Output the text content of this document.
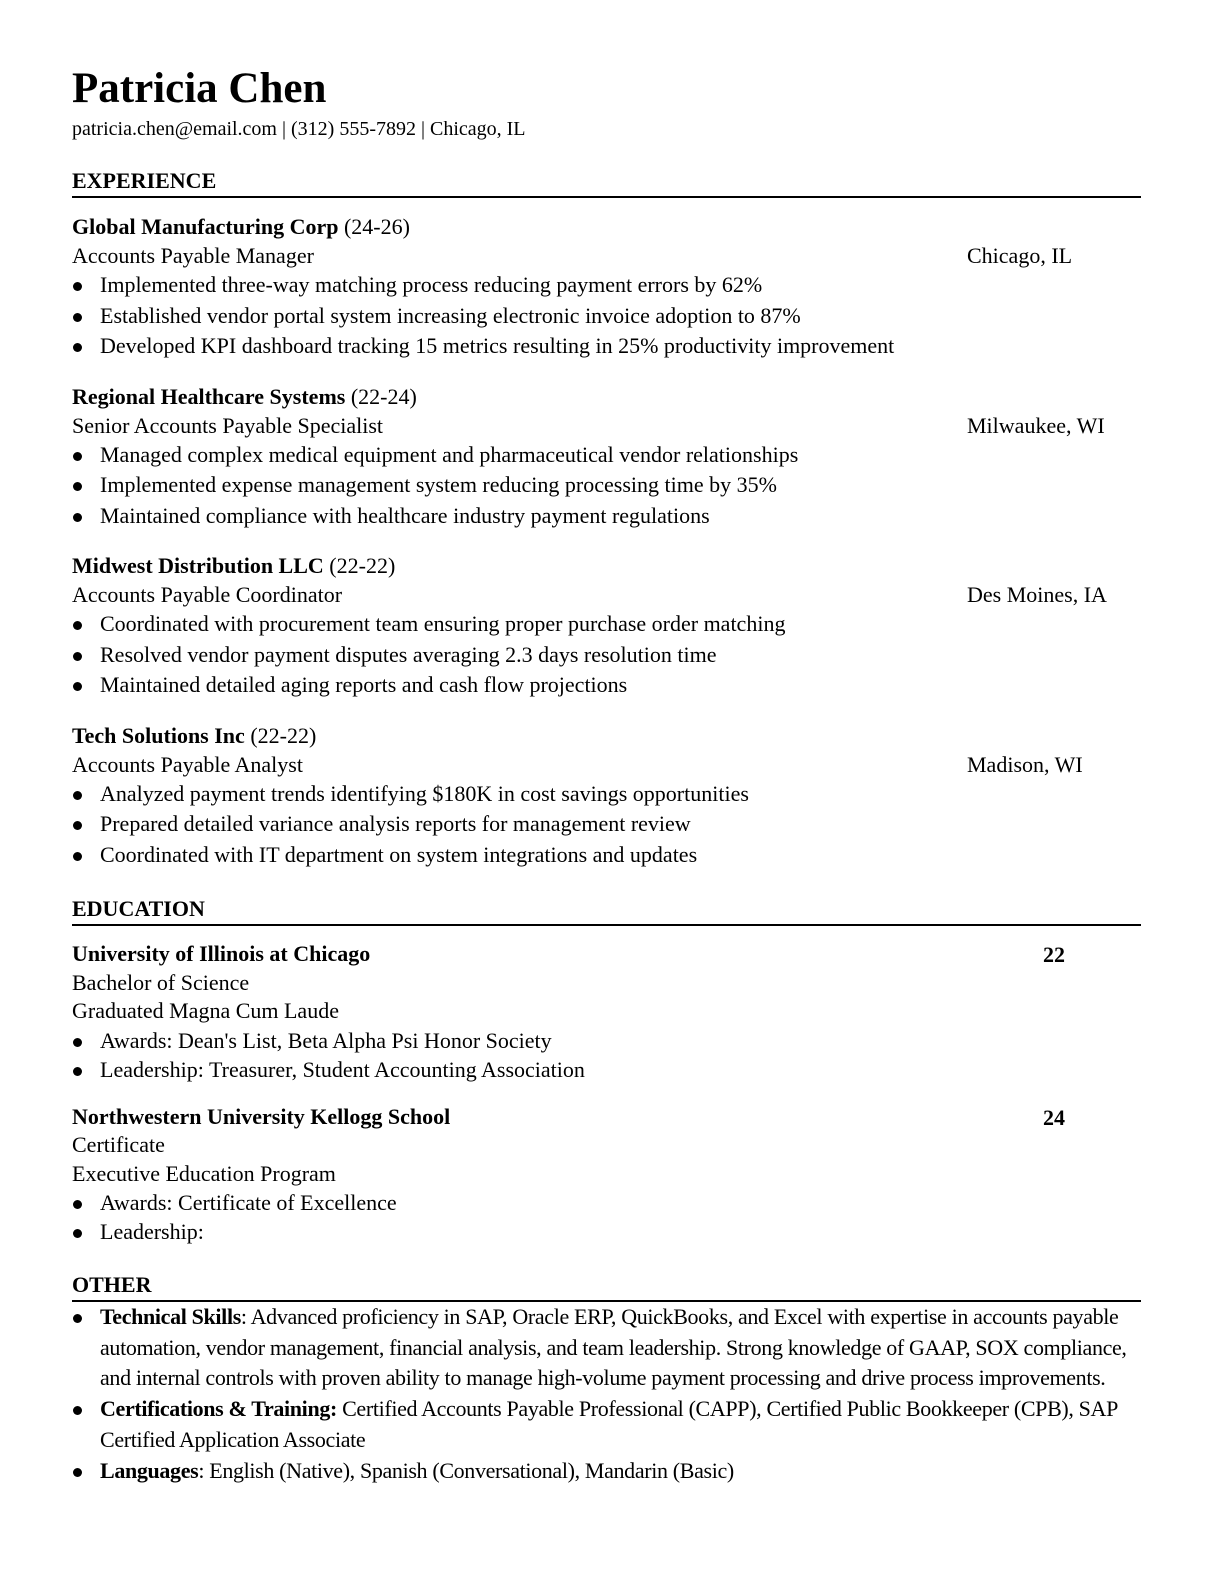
Patricia Chen
patricia.chen@email.com | (312) 555-7892 | Chicago, IL
EXPERIENCE
Global Manufacturing Corp (24-26)
Accounts Payable Manager	Chicago, IL
Implemented three-way matching process reducing payment errors by 62%
Established vendor portal system increasing electronic invoice adoption to 87%
Developed KPI dashboard tracking 15 metrics resulting in 25% productivity improvement
Regional Healthcare Systems (22-24)
Senior Accounts Payable Specialist	Milwaukee, WI
Managed complex medical equipment and pharmaceutical vendor relationships
Implemented expense management system reducing processing time by 35%
Maintained compliance with healthcare industry payment regulations
Midwest Distribution LLC (22-22)
Accounts Payable Coordinator	Des Moines, IA
Coordinated with procurement team ensuring proper purchase order matching
Resolved vendor payment disputes averaging 2.3 days resolution time
Maintained detailed aging reports and cash flow projections
Tech Solutions Inc (22-22)
Accounts Payable Analyst	Madison, WI
Analyzed payment trends identifying $180K in cost savings opportunities
Prepared detailed variance analysis reports for management review
Coordinated with IT department on system integrations and updates
EDUCATION
University of Illinois at Chicago	22
Bachelor of Science
Graduated Magna Cum Laude
Awards: Dean's List, Beta Alpha Psi Honor Society
Leadership: Treasurer, Student Accounting Association
Northwestern University Kellogg School	24
Certificate
Executive Education Program
Awards: Certificate of Excellence
Leadership:
OTHER
Technical Skills: Advanced proficiency in SAP, Oracle ERP, QuickBooks, and Excel with expertise in accounts payable automation, vendor management, financial analysis, and team leadership. Strong knowledge of GAAP, SOX compliance, and internal controls with proven ability to manage high-volume payment processing and drive process improvements.
Certifications & Training: Certified Accounts Payable Professional (CAPP), Certified Public Bookkeeper (CPB), SAP Certified Application Associate
Languages: English (Native), Spanish (Conversational), Mandarin (Basic)
